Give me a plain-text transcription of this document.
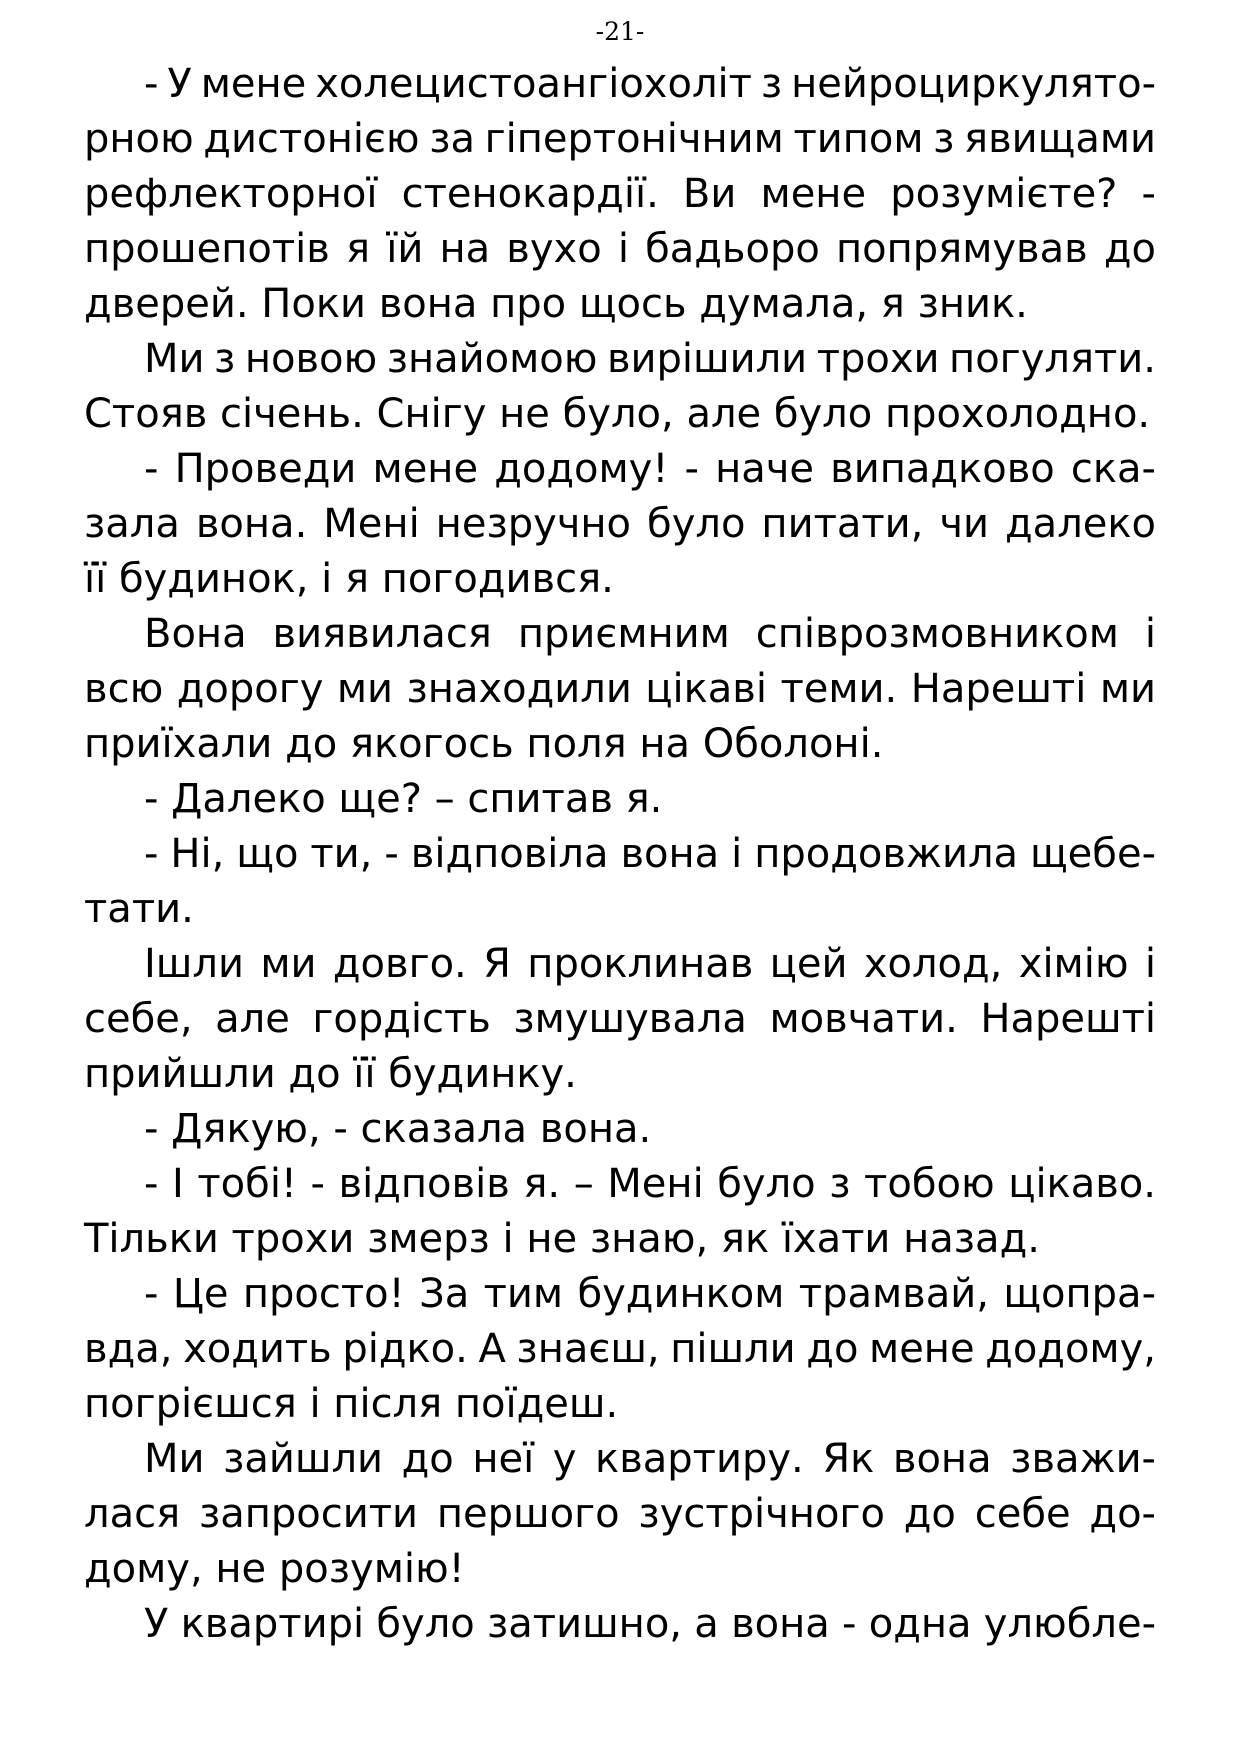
-21-
- У мене холецистоангіохоліт з нейроциркулято-
рною дистонією за гіпертонічним типом з явищами
рефлекторної стенокардії. Ви мене розумієте? -
прошепотів я їй на вухо і бадьоро попрямував до
дверей. Поки вона про щось думала, я зник.
Ми з новою знайомою вирішили трохи погуляти.
Стояв січень. Снігу не було, але було прохолодно.
- Проведи мене додому! - наче випадково ска-
зала вона. Мені незручно було питати, чи далеко
її будинок, і я погодився.
Вона виявилася приємним співрозмовником і
всю дорогу ми знаходили цікаві теми. Нарешті ми
приїхали до якогось поля на Оболоні.
- Далеко ще? – спитав я.
- Ні, що ти, - відповіла вона і продовжила щебе-
тати.
Ішли ми довго. Я проклинав цей холод, хімію і
себе, але гордість змушувала мовчати. Нарешті
прийшли до її будинку.
- Дякую, - сказала вона.
- І тобі! - відповів я. – Мені було з тобою цікаво.
Тільки трохи змерз і не знаю, як їхати назад.
- Це просто! За тим будинком трамвай, щопра-
вда, ходить рідко. А знаєш, пішли до мене додому,
погрієшся і після поїдеш.
Ми зайшли до неї у квартиру. Як вона зважи-
лася запросити першого зустрічного до себе до-
дому, не розумію!
У квартирі було затишно, а вона - одна улюбле-
